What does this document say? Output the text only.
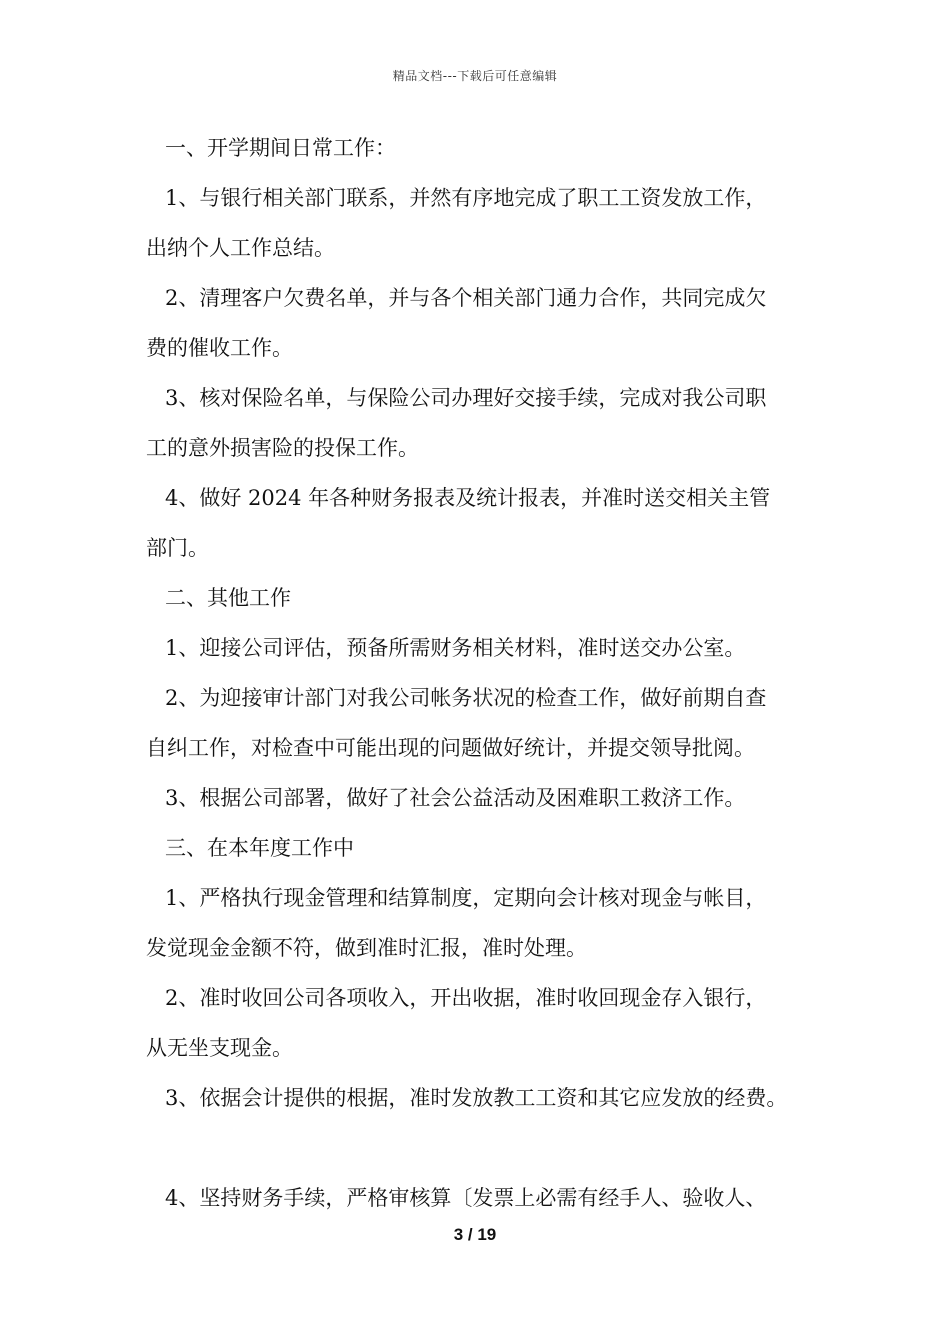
精品文档---下载后可任意编辑
一、开学期间日常工作：
1、与银行相关部门联系，并然有序地完成了职工工资发放工作，
出纳个人工作总结。
2、清理客户欠费名单，并与各个相关部门通力合作，共同完成欠
费的催收工作。
3、核对保险名单，与保险公司办理好交接手续，完成对我公司职
工的意外损害险的投保工作。
4、做好 2024 年各种财务报表及统计报表，并准时送交相关主管
部门。
二、其他工作
1、迎接公司评估，预备所需财务相关材料，准时送交办公室。
2、为迎接审计部门对我公司帐务状况的检查工作，做好前期自查
自纠工作，对检查中可能出现的问题做好统计，并提交领导批阅。
3、根据公司部署，做好了社会公益活动及困难职工救济工作。
三、在本年度工作中
1、严格执行现金管理和结算制度，定期向会计核对现金与帐目，
发觉现金金额不符，做到准时汇报，准时处理。
2、准时收回公司各项收入，开出收据，准时收回现金存入银行，
从无坐支现金。
3、依据会计提供的根据，准时发放教工工资和其它应发放的经费。
4、坚持财务手续，严格审核算〔发票上必需有经手人、验收人、
3 / 19
